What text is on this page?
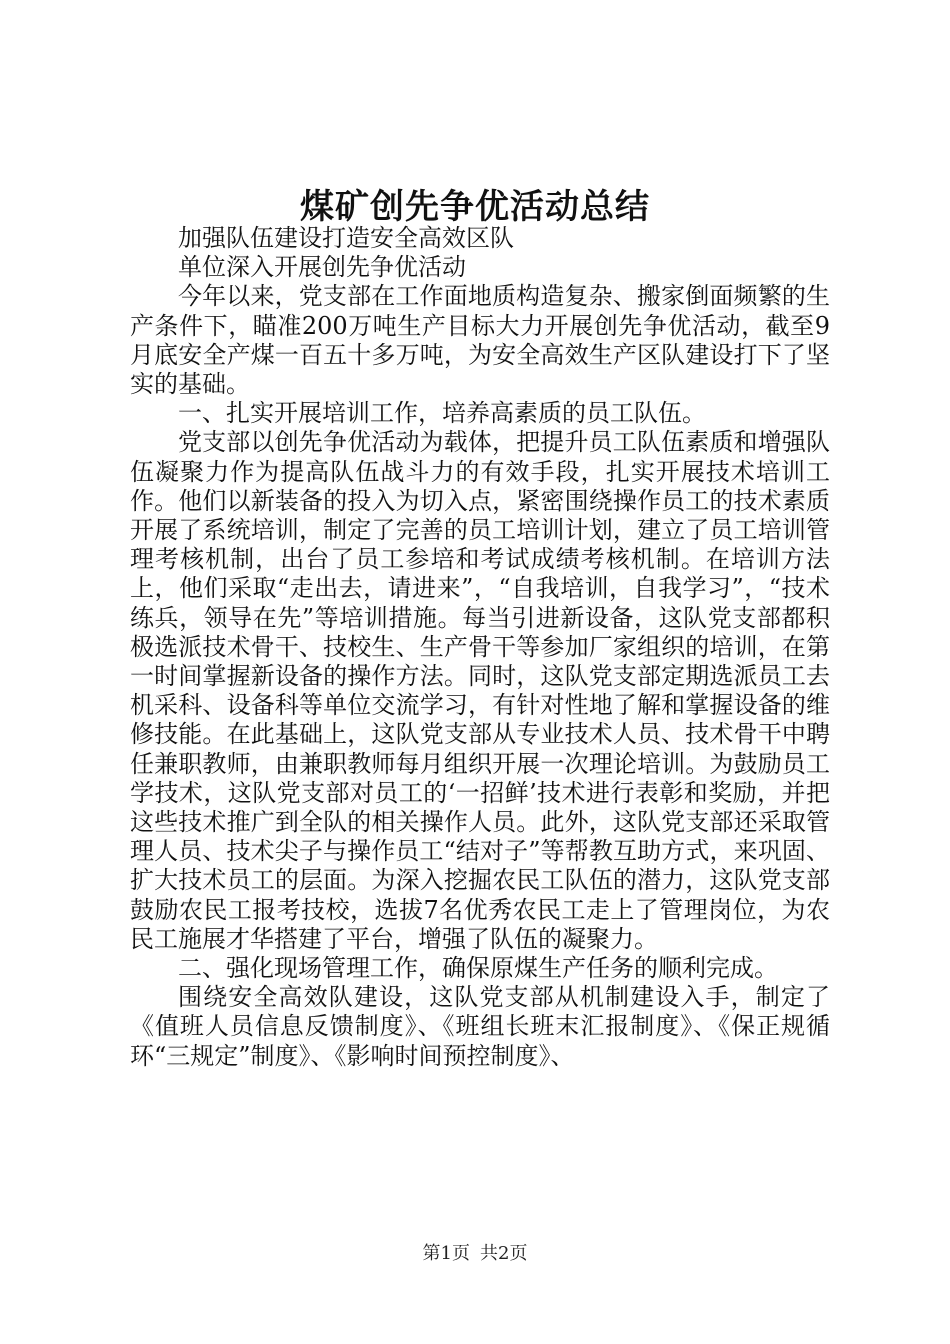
煤矿创先争优活动总结

加强队伍建设打造安全高效区队

单位深入开展创先争优活动

今年以来，党支部在工作面地质构造复杂、搬家倒面频繁的生产条件下，瞄准200万吨生产目标大力开展创先争优活动，截至9月底安全产煤一百五十多万吨，为安全高效生产区队建设打下了坚实的基础。

一、扎实开展培训工作，培养高素质的员工队伍。

党支部以创先争优活动为载体，把提升员工队伍素质和增强队伍凝聚力作为提高队伍战斗力的有效手段，扎实开展技术培训工作。他们以新装备的投入为切入点，紧密围绕操作员工的技术素质开展了系统培训，制定了完善的员工培训计划，建立了员工培训管理考核机制，出台了员工参培和考试成绩考核机制。在培训方法上，他们采取“走出去，请进来”，“自我培训，自我学习”，“技术练兵，领导在先”等培训措施。每当引进新设备，这队党支部都积极选派技术骨干、技校生、生产骨干等参加厂家组织的培训，在第一时间掌握新设备的操作方法。同时，这队党支部定期选派员工去机采科、设备科等单位交流学习，有针对性地了解和掌握设备的维修技能。在此基础上，这队党支部从专业技术人员、技术骨干中聘任兼职教师，由兼职教师每月组织开展一次理论培训。为鼓励员工学技术，这队党支部对员工的‘一招鲜’技术进行表彰和奖励，并把这些技术推广到全队的相关操作人员。此外，这队党支部还采取管理人员、技术尖子与操作员工“结对子”等帮教互助方式，来巩固、扩大技术员工的层面。为深入挖掘农民工队伍的潜力，这队党支部鼓励农民工报考技校，选拔7名优秀农民工走上了管理岗位，为农民工施展才华搭建了平台，增强了队伍的凝聚力。

二、强化现场管理工作，确保原煤生产任务的顺利完成。

围绕安全高效队建设，这队党支部从机制建设入手，制定了《值班人员信息反馈制度》、《班组长班末汇报制度》、《保正规循环“三规定”制度》、《影响时间预控制度》、

第1页 共2页
